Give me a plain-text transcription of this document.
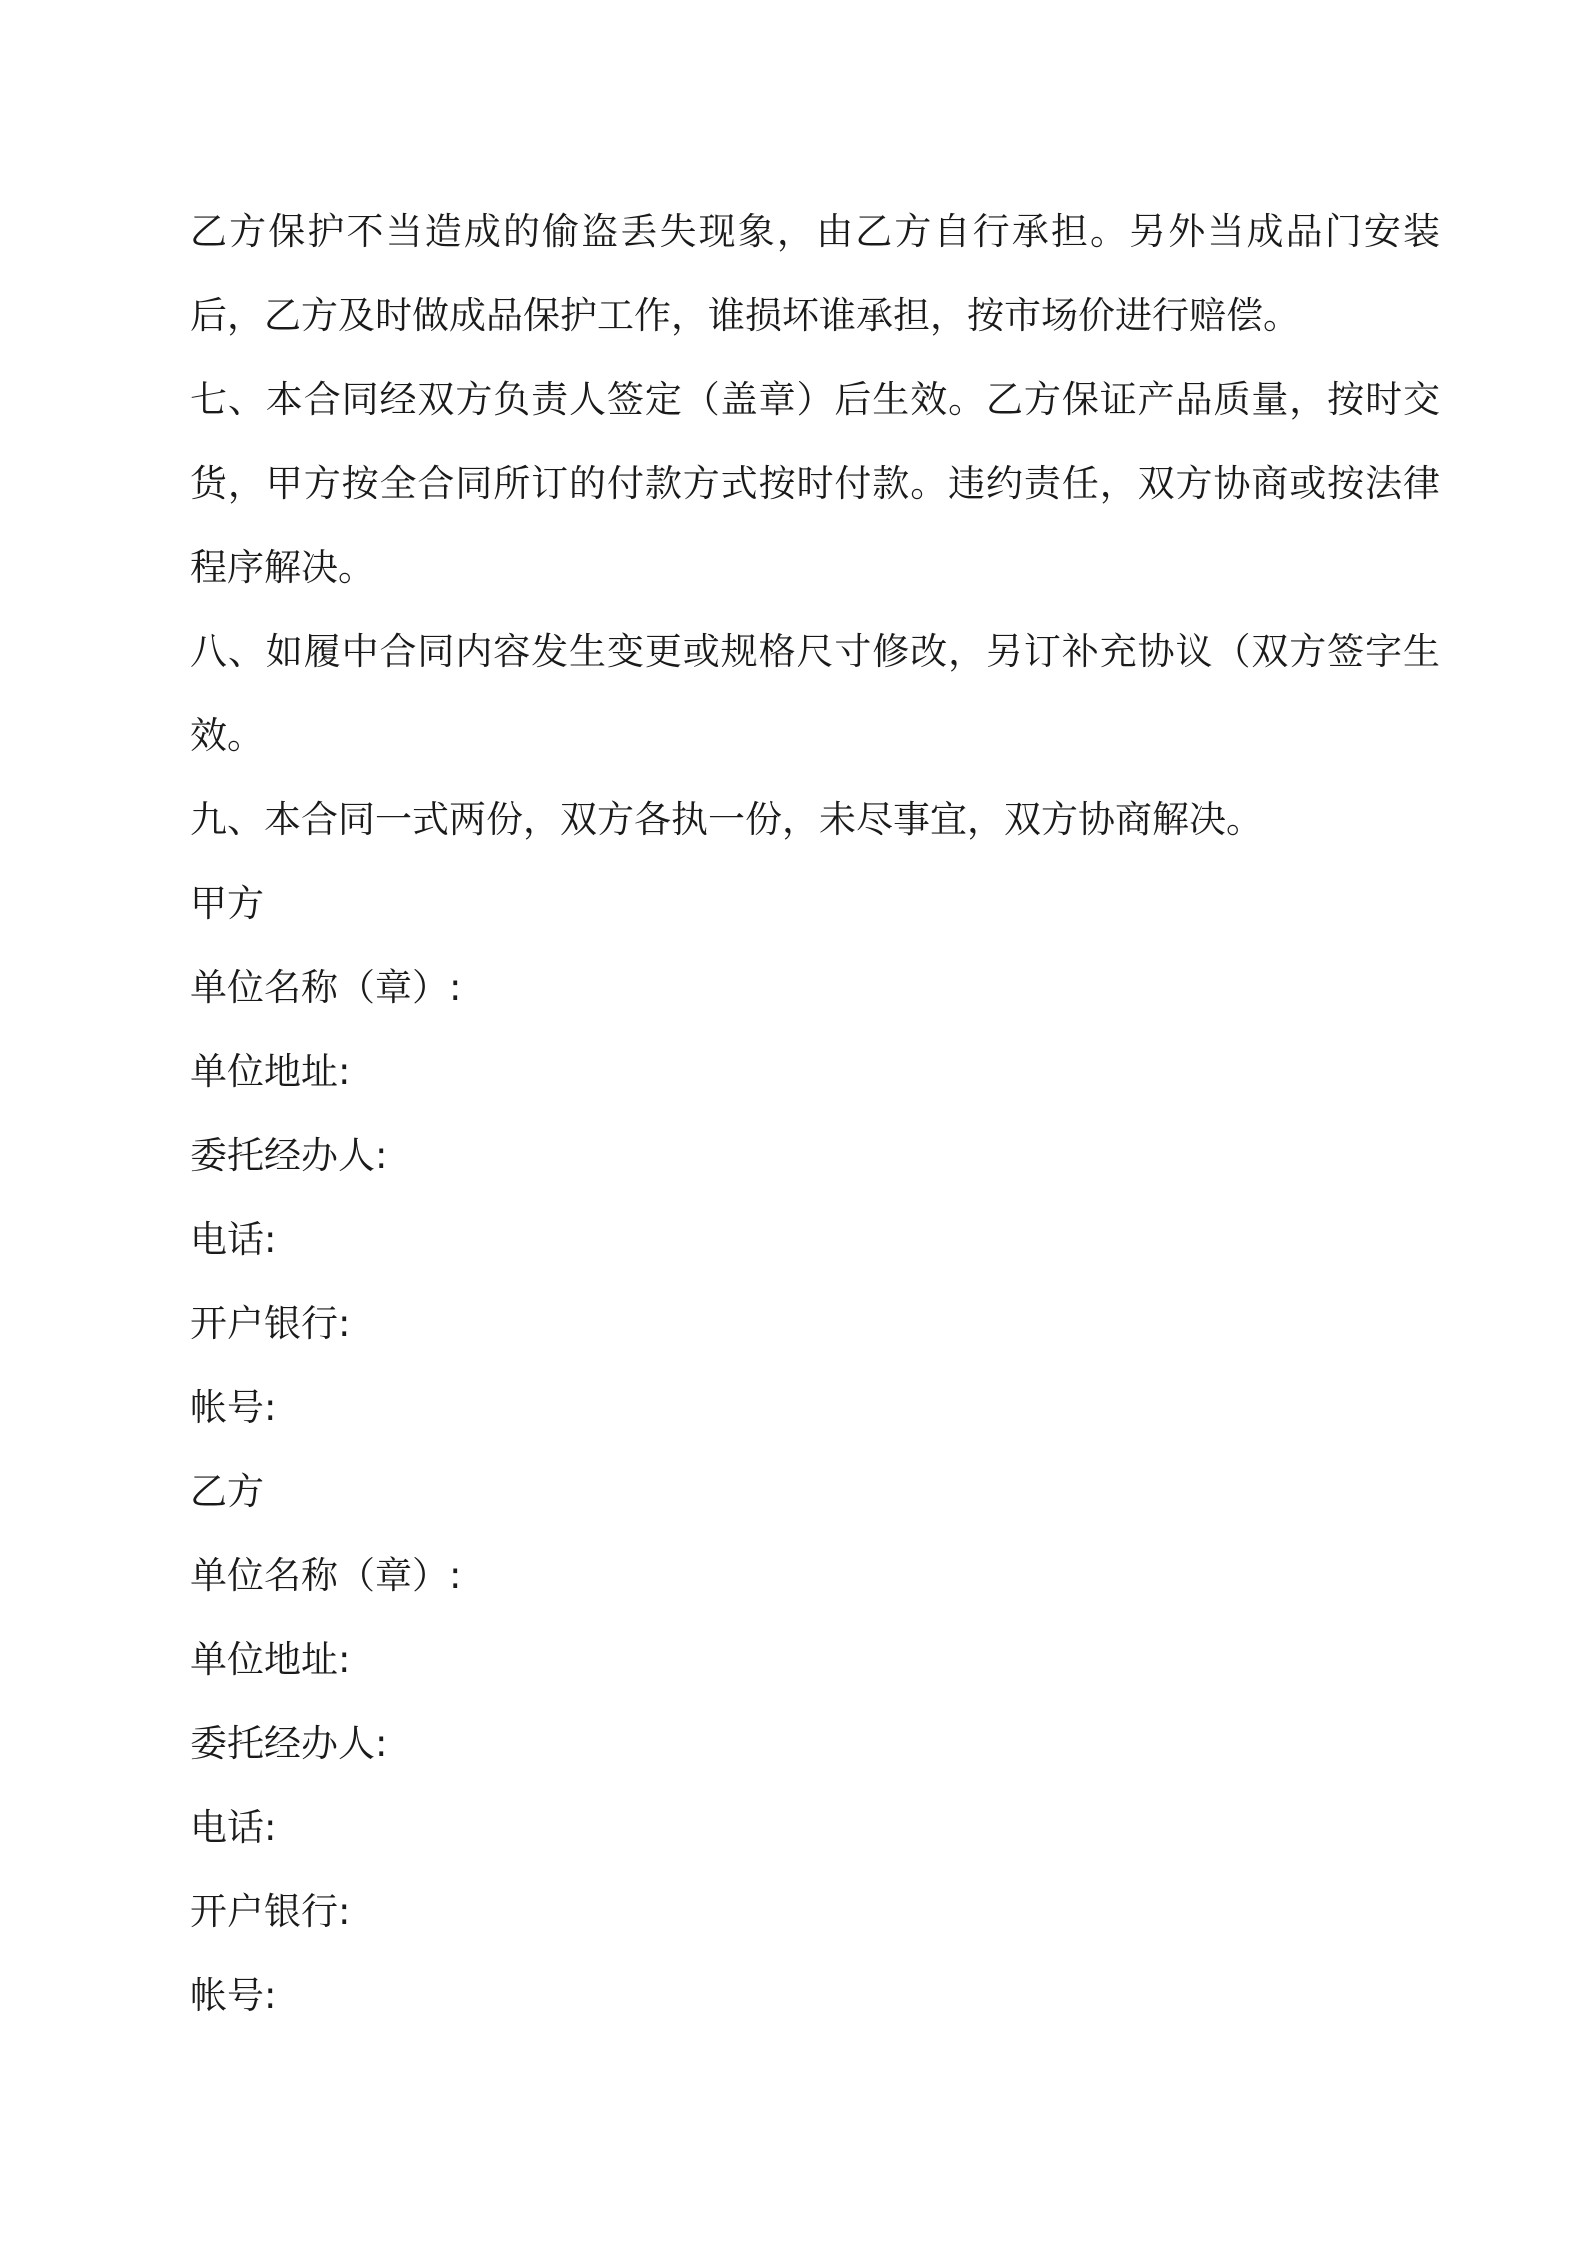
乙方保护不当造成的偷盗丢失现象，由乙方自行承担。另外当成品门安装后，乙方及时做成品保护工作，谁损坏谁承担，按市场价进行赔偿。

七、本合同经双方负责人签定（盖章）后生效。乙方保证产品质量，按时交货，甲方按全合同所订的付款方式按时付款。违约责任，双方协商或按法律程序解决。

八、如履中合同内容发生变更或规格尺寸修改，另订补充协议（双方签字生效。

九、本合同一式两份，双方各执一份，未尽事宜，双方协商解决。

甲方

单位名称（章）:

单位地址:

委托经办人:

电话:

开户银行:

帐号:

乙方

单位名称（章）:

单位地址:

委托经办人:

电话:

开户银行:

帐号:
